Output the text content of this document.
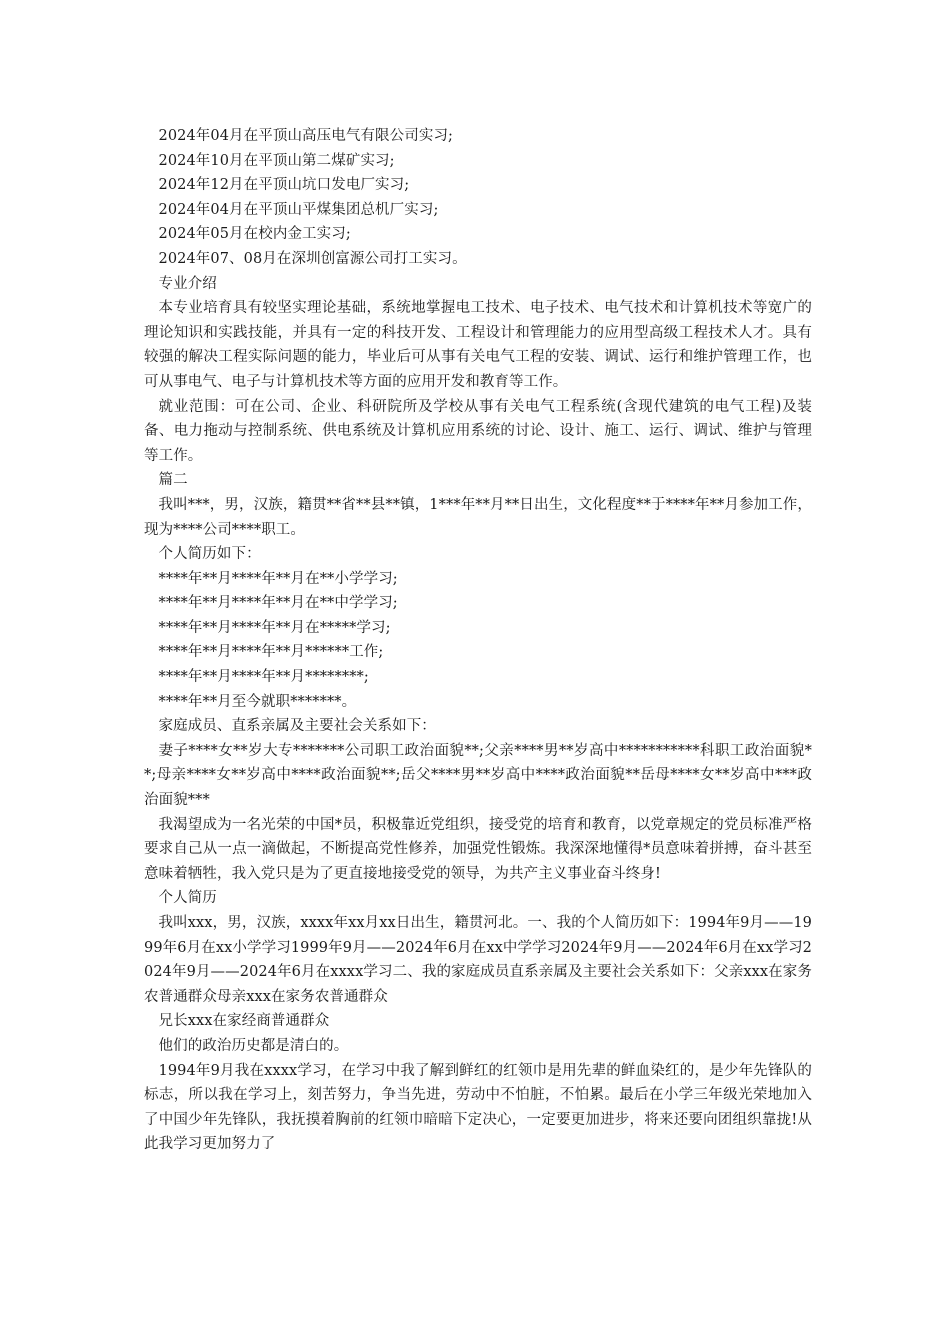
2024年04月在平顶山高压电气有限公司实习;

2024年10月在平顶山第二煤矿实习;

2024年12月在平顶山坑口发电厂实习;

2024年04月在平顶山平煤集团总机厂实习;

2024年05月在校内金工实习;

2024年07、08月在深圳创富源公司打工实习。

专业介绍

本专业培育具有较坚实理论基础，系统地掌握电工技术、电子技术、电气技术和计算机技术等宽广的理论知识和实践技能，并具有一定的科技开发、工程设计和管理能力的应用型高级工程技术人才。具有较强的解决工程实际问题的能力，毕业后可从事有关电气工程的安装、调试、运行和维护管理工作，也可从事电气、电子与计算机技术等方面的应用开发和教育等工作。

就业范围：可在公司、企业、科研院所及学校从事有关电气工程系统(含现代建筑的电气工程)及装备、电力拖动与控制系统、供电系统及计算机应用系统的讨论、设计、施工、运行、调试、维护与管理等工作。

篇二

我叫***，男，汉族，籍贯**省**县**镇，1***年**月**日出生，文化程度**于****年**月参加工作，现为****公司****职工。

个人简历如下：

****年**月****年**月在**小学学习;

****年**月****年**月在**中学学习;

****年**月****年**月在*****学习;

****年**月****年**月******工作;

****年**月****年**月********;

****年**月至今就职*******。

家庭成员、直系亲属及主要社会关系如下：

妻子****女**岁大专*******公司职工政治面貌**;父亲****男**岁高中***********科职工政治面貌**;母亲****女**岁高中****政治面貌**;岳父****男**岁高中****政治面貌**岳母****女**岁高中***政治面貌***

我渴望成为一名光荣的中国*员，积极靠近党组织，接受党的培育和教育，以党章规定的党员标准严格要求自己从一点一滴做起，不断提高党性修养，加强党性锻炼。我深深地懂得*员意味着拼搏，奋斗甚至意味着牺牲，我入党只是为了更直接地接受党的领导，为共产主义事业奋斗终身!

个人简历

我叫xxx，男，汉族，xxxx年xx月xx日出生，籍贯河北。一、我的个人简历如下：1994年9月——1999年6月在xx小学学习1999年9月——2024年6月在xx中学学习2024年9月——2024年6月在xx学习2024年9月——2024年6月在xxxx学习二、我的家庭成员直系亲属及主要社会关系如下：父亲xxx在家务农普通群众母亲xxx在家务农普通群众

兄长xxx在家经商普通群众

他们的政治历史都是清白的。

1994年9月我在xxxx学习，在学习中我了解到鲜红的红领巾是用先辈的鲜血染红的，是少年先锋队的标志，所以我在学习上，刻苦努力，争当先进，劳动中不怕脏，不怕累。最后在小学三年级光荣地加入了中国少年先锋队，我抚摸着胸前的红领巾暗暗下定决心，一定要更加进步，将来还要向团组织靠拢!从此我学习更加努力了
